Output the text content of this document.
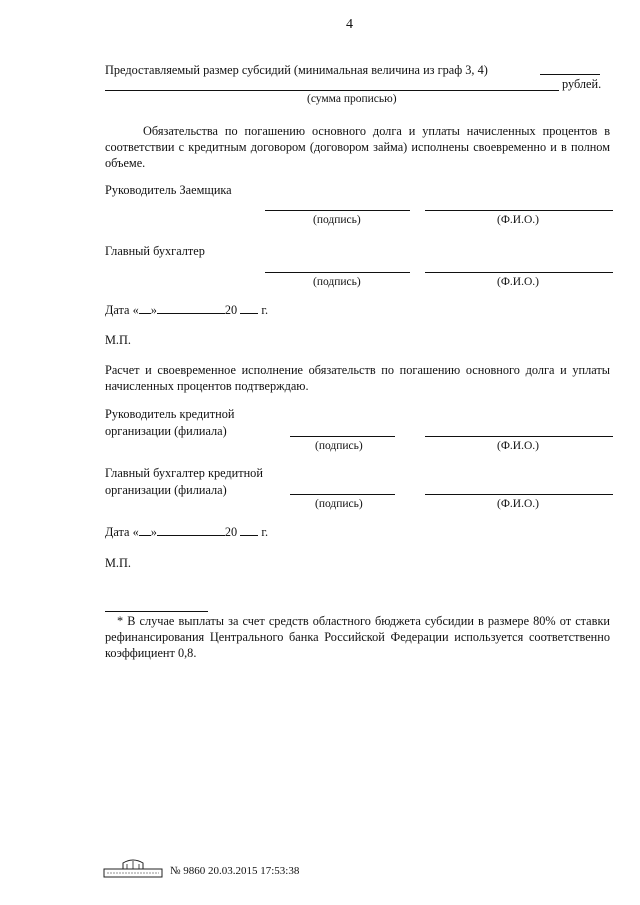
4
Предоставляемый размер субсидий (минимальная величина из граф 3, 4)
рублей.
(сумма прописью)
Обязательства по погашению основного долга и уплаты начисленных процентов в соответствии с кредитным договором (договором займа) исполнены своевременно и в полном объеме.
Руководитель Заемщика
(подпись)	(Ф.И.О.)
Главный бухгалтер
(подпись)	(Ф.И.О.)
Дата « »	20 г.
М.П.
Расчет и своевременное исполнение обязательств по погашению основного долга и уплаты начисленных процентов подтверждаю.
Руководитель кредитной
организации (филиала)
(подпись)	(Ф.И.О.)
Главный бухгалтер кредитной
организации (филиала)
(подпись)	(Ф.И.О.)
Дата « »	20 г.
М.П.
* В случае выплаты за счет средств областного бюджета субсидии в размере 80% от ставки рефинансирования Центрального банка Российской Федерации используется соответственно коэффициент 0,8.
№ 9860 20.03.2015 17:53:38
